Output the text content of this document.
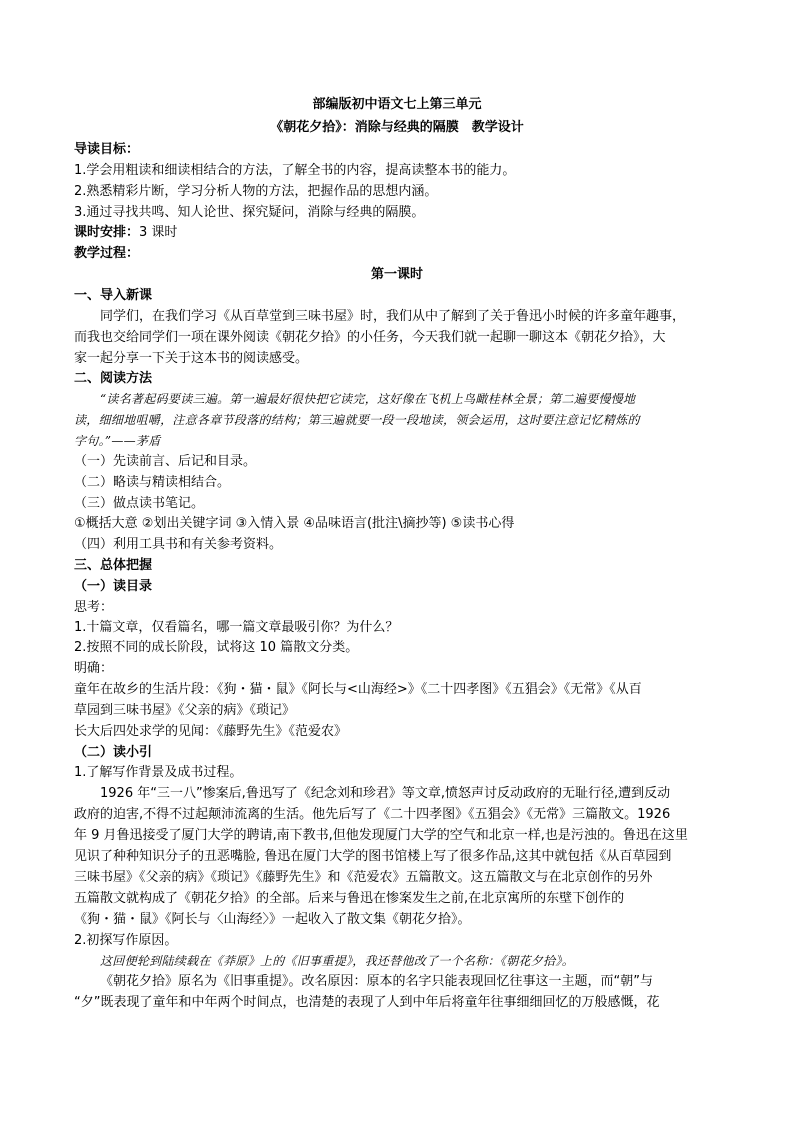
部编版初中语文七上第三单元
《朝花夕拾》：消除与经典的隔膜　教学设计
导读目标：
1.学会用粗读和细读相结合的方法，了解全书的内容，提高读整本书的能力。
2.熟悉精彩片断，学习分析人物的方法，把握作品的思想内涵。
3.通过寻找共鸣、知人论世、探究疑问，消除与经典的隔膜。
课时安排：3 课时
教学过程：
第一课时
一、导入新课
同学们，在我们学习《从百草堂到三味书屋》时，我们从中了解到了关于鲁迅小时候的许多童年趣事，
而我也交给同学们一项在课外阅读《朝花夕拾》的小任务，今天我们就一起聊一聊这本《朝花夕拾》，大
家一起分享一下关于这本书的阅读感受。
二、阅读方法
“读名著起码要读三遍。第一遍最好很快把它读完，这好像在飞机上鸟瞰桂林全景；第二遍要慢慢地
读，细细地咀嚼，注意各章节段落的结构；第三遍就要一段一段地读，领会运用，这时要注意记忆精炼的
字句。”——茅盾
（一）先读前言、后记和目录。
（二）略读与精读相结合。
（三）做点读书笔记。
①概括大意 ②划出关键字词 ③入情入景 ④品味语言(批注\摘抄等) ⑤读书心得
（四）利用工具书和有关参考资料。
三、总体把握
（一）读目录
思考：
1.十篇文章，仅看篇名，哪一篇文章最吸引你？为什么？
2.按照不同的成长阶段，试将这 10 篇散文分类。
明确：
童年在故乡的生活片段：《狗・猫・鼠》《阿长与<山海经>》《二十四孝图》《五猖会》《无常》《从百
草园到三味书屋》《父亲的病》《琐记》
长大后四处求学的见闻：《藤野先生》《范爱农》
（二）读小引
1.了解写作背景及成书过程。
1926 年“三一八”惨案后,鲁迅写了《纪念刘和珍君》等文章,愤怒声讨反动政府的无耻行径,遭到反动
政府的迫害,不得不过起颠沛流离的生活。他先后写了《二十四孝图》《五猖会》《无常》三篇散文。1926
年 9 月鲁迅接受了厦门大学的聘请,南下教书,但他发现厦门大学的空气和北京一样,也是污浊的。鲁迅在这里
见识了种种知识分子的丑恶嘴脸, 鲁迅在厦门大学的图书馆楼上写了很多作品,这其中就包括《从百草园到
三味书屋》《父亲的病》《琐记》《藤野先生》和《范爱农》五篇散文。这五篇散文与在北京创作的另外
五篇散文就构成了《朝花夕拾》的全部。后来与鲁迅在惨案发生之前,在北京寓所的东壁下创作的
《狗・猫・鼠》《阿长与〈山海经〉》一起收入了散文集《朝花夕拾》。
2.初探写作原因。
这回便轮到陆续载在《莽原》上的《旧事重提》，我还替他改了一个名称：《朝花夕拾》。
《朝花夕拾》原名为《旧事重提》。改名原因：原本的名字只能表现回忆往事这一主题，而“朝”与
“夕”既表现了童年和中年两个时间点，也清楚的表现了人到中年后将童年往事细细回忆的万般感慨，花
